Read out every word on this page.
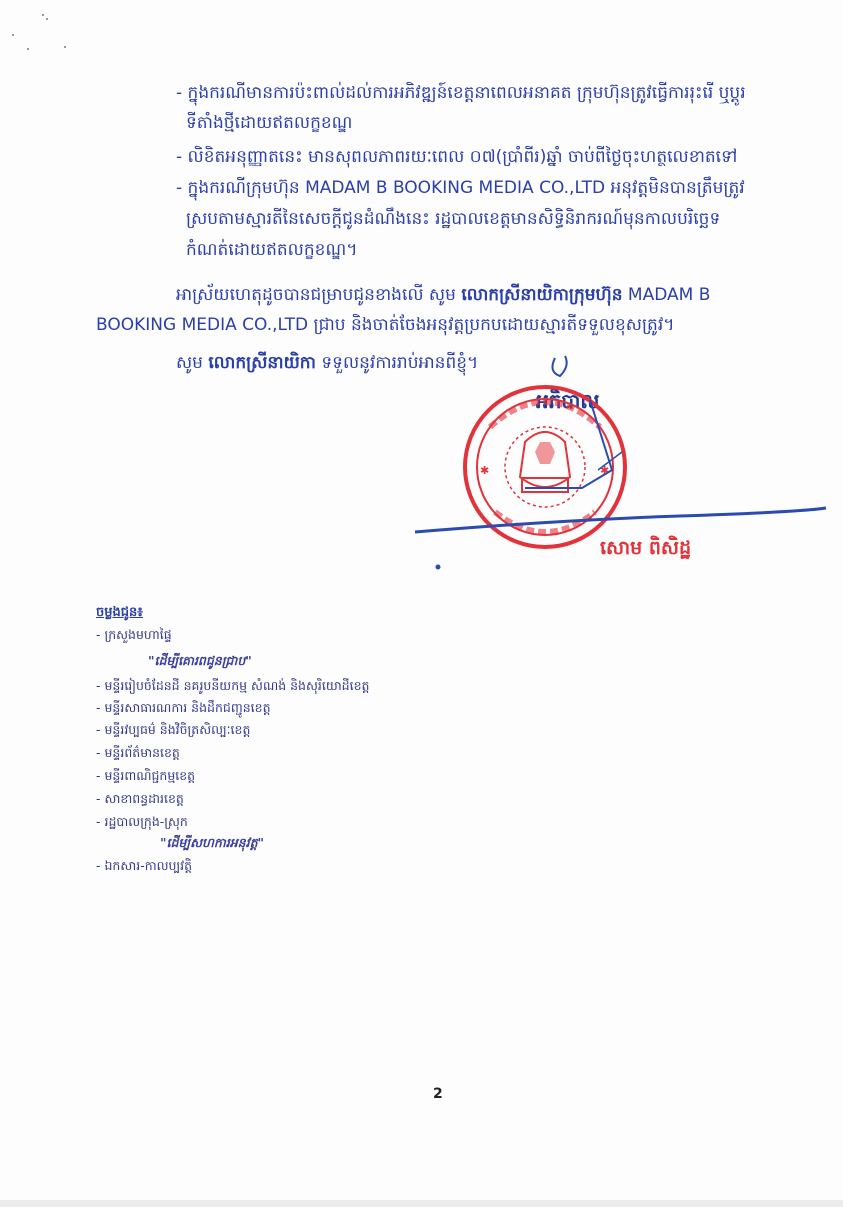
- ក្នុងករណីមានការប៉ះពាល់ដល់ការអភិវឌ្ឍន៍ខេត្តនាពេលអនាគត ក្រុមហ៊ុនត្រូវធ្វើការរុះរើ ឬប្តូរ
ទីតាំងថ្មីដោយឥតលក្ខខណ្ឌ
- លិខិតអនុញ្ញាតនេះ មានសុពលភាពរយៈពេល ០៧(ប្រាំពីរ)ឆ្នាំ ចាប់ពីថ្ងៃចុះហត្ថលេខាតទៅ
- ក្នុងករណីក្រុមហ៊ុន MADAM B BOOKING MEDIA CO.,LTD អនុវត្តមិនបានត្រឹមត្រូវ
ស្របតាមស្មារតីនៃសេចក្តីជូនដំណឹងនេះ រដ្ឋបាលខេត្តមានសិទ្ធិនិរាករណ៍មុនកាលបរិច្ឆេទ
កំណត់ដោយឥតលក្ខខណ្ឌ។
អាស្រ័យហេតុដូចបានជម្រាបជូនខាងលើ សូម លោកស្រីនាយិកាក្រុមហ៊ុន MADAM B
BOOKING MEDIA CO.,LTD ជ្រាប និងចាត់ចែងអនុវត្តប្រកបដោយស្មារតីទទួលខុសត្រូវ។
សូម លោកស្រីនាយិកា ទទួលនូវការរាប់អានពីខ្ញុំ។
អភិបាល
✱	✱
សោម ពិសិដ្ឋ
ចម្លងជូន៖
- ក្រសួងមហាផ្ទៃ
"ដើម្បីគោរពជូនជ្រាប"
- មន្ទីររៀបចំដែនដី នគរូបនីយកម្ម សំណង់ និងសុរិយោដីខេត្ត
- មន្ទីរសាធារណការ និងដឹកជញ្ជូនខេត្ត
- មន្ទីរវប្បធម៌ និងវិចិត្រសិល្បៈខេត្ត
- មន្ទីរព័ត៌មានខេត្ត
- មន្ទីរពាណិជ្ជកម្មខេត្ត
- សាខាពន្ធដារខេត្ត
- រដ្ឋបាលក្រុង-ស្រុក
"ដើម្បីសហការអនុវត្ត"
- ឯកសារ-កាលប្បវត្តិ
2
